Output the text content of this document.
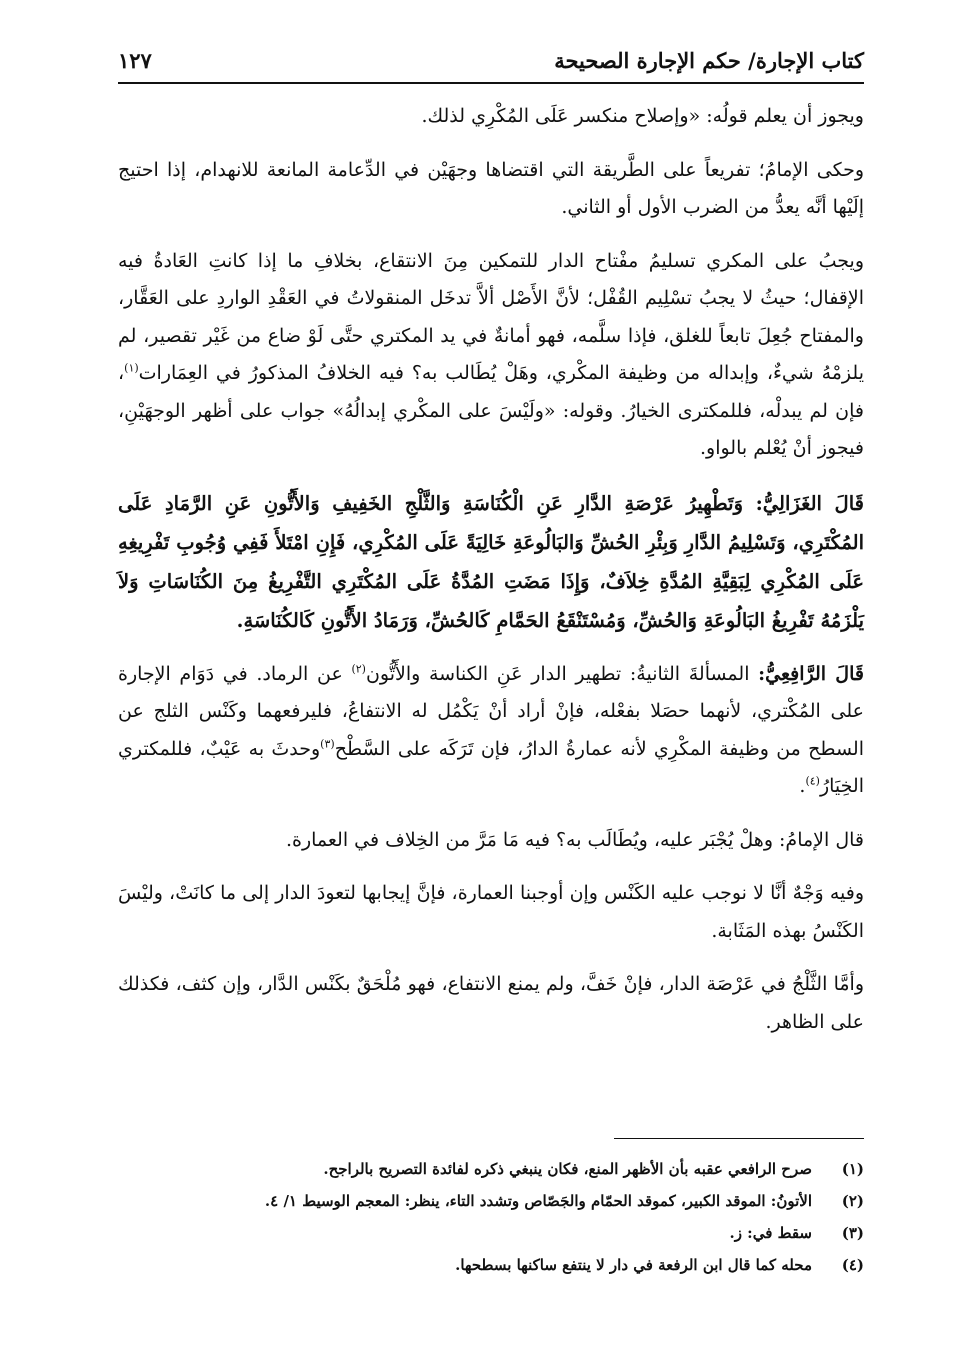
كتاب الإجارة/ حكم الإجارة الصحيحة
١٢٧

ويجوز أن يعلم قولُه: «وإصلاح منكسر عَلَى المُكْرِي لذلك.

وحكى الإمامُ؛ تفريعاً على الطَّريقة التي اقتضاها وجهَيْن في الدِّعامة المانعة للانهدام، إذا احتيج إلَيْها أنَّه يعدُّ من الضرب الأول أو الثاني.

ويجبُ على المكري تسليمُ مفْتاح الدار للتمكين مِنَ الانتقاع، بخلافِ ما إذا كانتِ العَادةُ فيه الإقفال؛ حيثُ لا يجبُ تسْلِيم القُفْل؛ لأنَّ الأَصْل ألاَّ تدخَل المنقولاتُ في العَقْدِ الواردِ على العَقَّار، والمفتاح جُعِلَ تابعاً للغلق، فإذا سلَّمه، فهو أمانةٌ في يد المكتري حتَّى لَوْ ضاع من غَيْر تقصير، لم يلزمْهُ شيءٌ، وإبداله من وظيفة المكْري، وهَلْ يُطَالب به؟ فيه الخلافُ المذكورُ في العِمَارات$^{(١)}$، فإن لم يبدلْه، فللمكترى الخيارُ. وقوله: «ولَيْسَ على المكْري إبدالُهُ» جواب على أظهر الوجهَيْنِ، فيجوز أنْ يُعْلم بالواو.

قَالَ الغَزَالِيُّ: وَتَطْهِيرُ عَرْصَةِ الدَّارِ عَنِ الْكُنَاسَةِ وَالثَّلْجِ الخَفِيفِ وَالأَتُّونِ عَنِ الرَّمَادِ عَلَى المُكْتَرِي، وَتَسْلِيمُ الدَّارِ وَبِئْرِ الحُشِّ وَالبَالُوعَةِ خَالِيَةً عَلَى المُكْرِي، فَإِنِ امْتَلأَ فَفِي وُجُوبِ تَفْرِيغِهِ عَلَى المُكْرِي لِبَقِيَّةِ المُدَّةِ خِلاَفٌ، وَإِذَا مَضَتِ المُدَّةُ عَلَى المُكْتَرِي التَّفْرِيغُ مِنَ الكُنَاسَاتِ وَلاَ يَلْزَمُهُ تَفْرِيغُ البَالُوعَةِ وَالحُشِّ، وَمُسْتَنْقَعُ الحَمَّامِ كَالحُشِّ، وَرَمَادُ الأَتُّونِ كَالكُنَاسَةِ.

قَالَ الرَّافِعِيُّ: المسألةَ الثانيةُ: تطهير الدار عَنِ الكناسة والأَتُّون$^{(٢)}$ عن الرماد. في دَوَام الإجارة على المُكْتري، لأنهما حصَلا بفعْله، فإنْ أراد أنْ يَكْمُل له الانتفاعُ، فليرفعهما وكَنْس الثلج عن السطح من وظيفة المكْرِي لأنه عمارةُ الدارُ، فإن تَرَكَه على السَّطْح$^{(٣)}$وحدثَ به عَيْبٌ، فللمكتري الخِيَارُ$^{(٤)}$.

قال الإمامُ: وهلْ يُجْبَر عليه، ويُطَالَب به؟ فيه مَا مَرَّ من الخِلاف في العمارة.

وفيه وَجْهٌ أنَّا لا نوجب عليه الكَنْس وإن أوجبنا العمارة، فإنَّ إيجابها لتعودَ الدار إلى ما كانَتْ، وليْسَ الكَنْسُ بهذه المَثَابة.

وأمَّا الثَّلْجُ في عَرْصَة الدار، فإنْ خَفَّ، ولم يمنع الانتفاع، فهو مُلْحَقٌ بكَنْس الدَّار، وإن كثف، فكذلك على الظاهر.

(١)
صرح الرافعي عقبه بأن الأظهر المنع، فكان ينبغي ذكره لفائدة التصريح بالراجح.
(٢)
الأتونُ: الموقد الكبير، كموقد الحمّام والجَصّاص وتشدد التاء، ينظر: المعجم الوسيط ١/ ٤.
(٣)
سقط في: ز.
(٤)
محله كما قال ابن الرفعة في دار لا ينتفع ساكنها بسطحها.
